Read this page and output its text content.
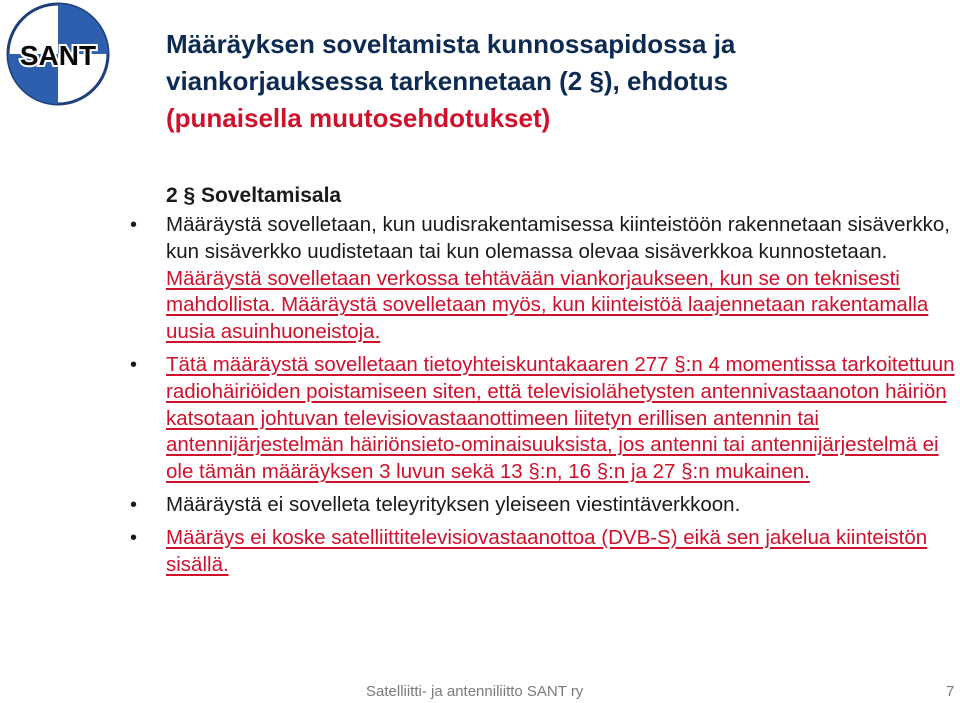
SANT	Määräyksen soveltamista kunnossapidossa ja
viankorjauksessa tarkennetaan (2 §), ehdotus
(punaisella muutosehdotukset)
2 § Soveltamisala
•	Määräystä sovelletaan, kun uudisrakentamisessa kiinteistöön rakennetaan sisäverkko, kun sisäverkko uudistetaan tai kun olemassa olevaa sisäverkkoa kunnostetaan. Määräystä sovelletaan verkossa tehtävään viankorjaukseen, kun se on teknisesti mahdollista. Määräystä sovelletaan myös, kun kiinteistöä laajennetaan rakentamalla uusia asuinhuoneistoja.
•	Tätä määräystä sovelletaan tietoyhteiskuntakaaren 277 §:n 4 momentissa tarkoitettuun radiohäiriöiden poistamiseen siten, että televisiolähetysten antennivastaanoton häiriön katsotaan johtuvan televisiovastaanottimeen liitetyn erillisen antennin tai antennijärjestelmän häiriönsieto-ominaisuuksista, jos antenni tai antennijärjestelmä ei ole tämän määräyksen 3 luvun sekä 13 §:n, 16 §:n ja 27 §:n mukainen.
•	Määräystä ei sovelleta teleyrityksen yleiseen viestintäverkkoon.
•	Määräys ei koske satelliittitelevisiovastaanottoa (DVB-S) eikä sen jakelua kiinteistön sisällä.
Satelliitti- ja antenniliitto SANT ry	7
